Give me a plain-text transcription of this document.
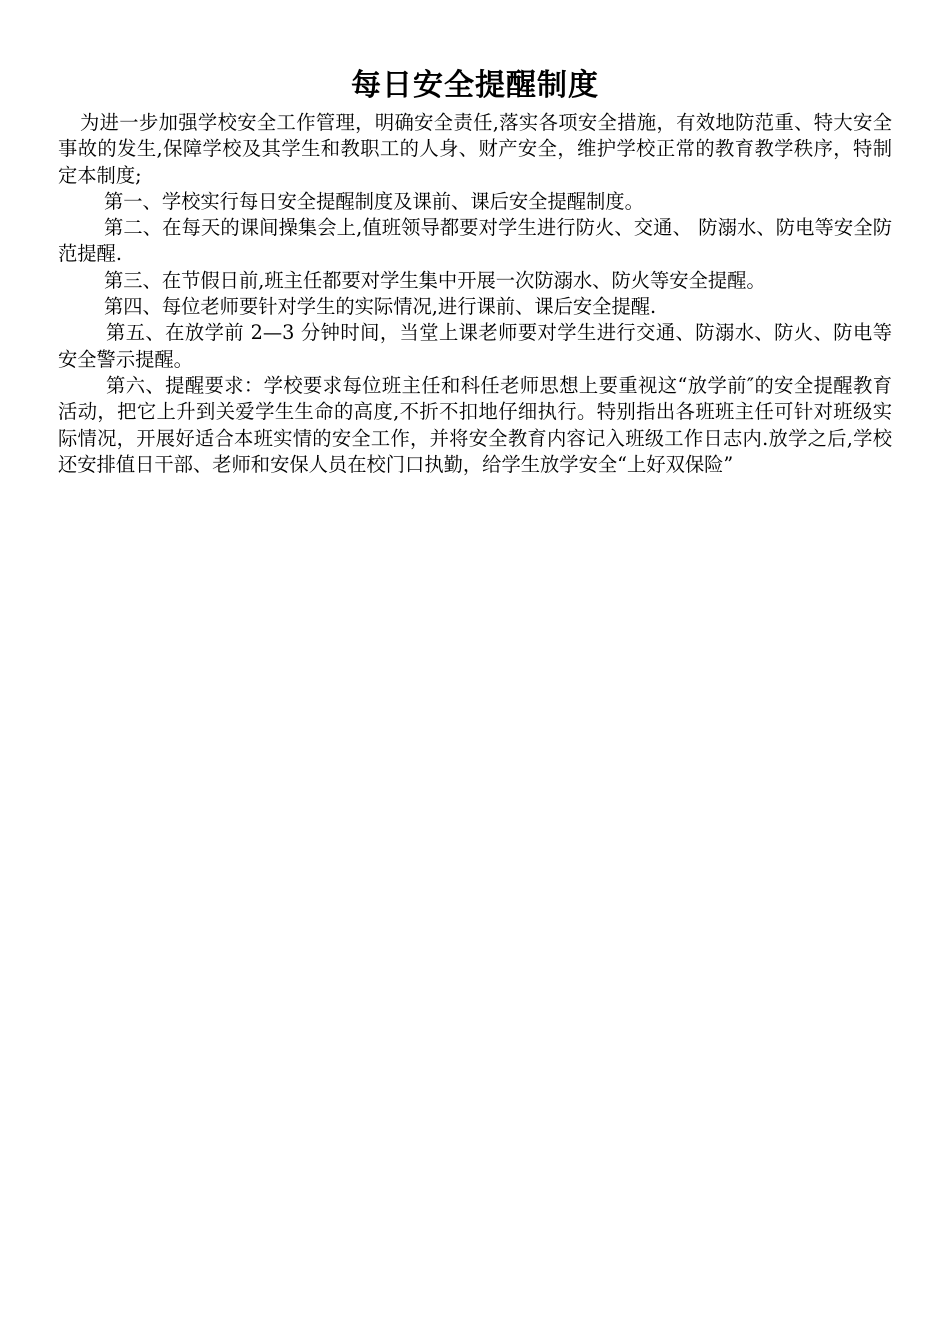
每日安全提醒制度

为进一步加强学校安全工作管理，明确安全责任,落实各项安全措施，有效地防范重、特大安全事故的发生,保障学校及其学生和教职工的人身、财产安全，维护学校正常的教育教学秩序，特制定本制度;

第一、学校实行每日安全提醒制度及课前、课后安全提醒制度。

第二、在每天的课间操集会上,值班领导都要对学生进行防火、交通、 防溺水、防电等安全防范提醒.

第三、在节假日前,班主任都要对学生集中开展一次防溺水、防火等安全提醒。

第四、每位老师要针对学生的实际情况,进行课前、课后安全提醒.

第五、在放学前 2—3 分钟时间，当堂上课老师要对学生进行交通、防溺水、防火、防电等安全警示提醒。

第六、提醒要求：学校要求每位班主任和科任老师思想上要重视这“放学前″的安全提醒教育活动，把它上升到关爱学生生命的高度,不折不扣地仔细执行。特别指出各班班主任可针对班级实际情况，开展好适合本班实情的安全工作，并将安全教育内容记入班级工作日志内.放学之后,学校还安排值日干部、老师和安保人员在校门口执勤，给学生放学安全“上好双保险”
